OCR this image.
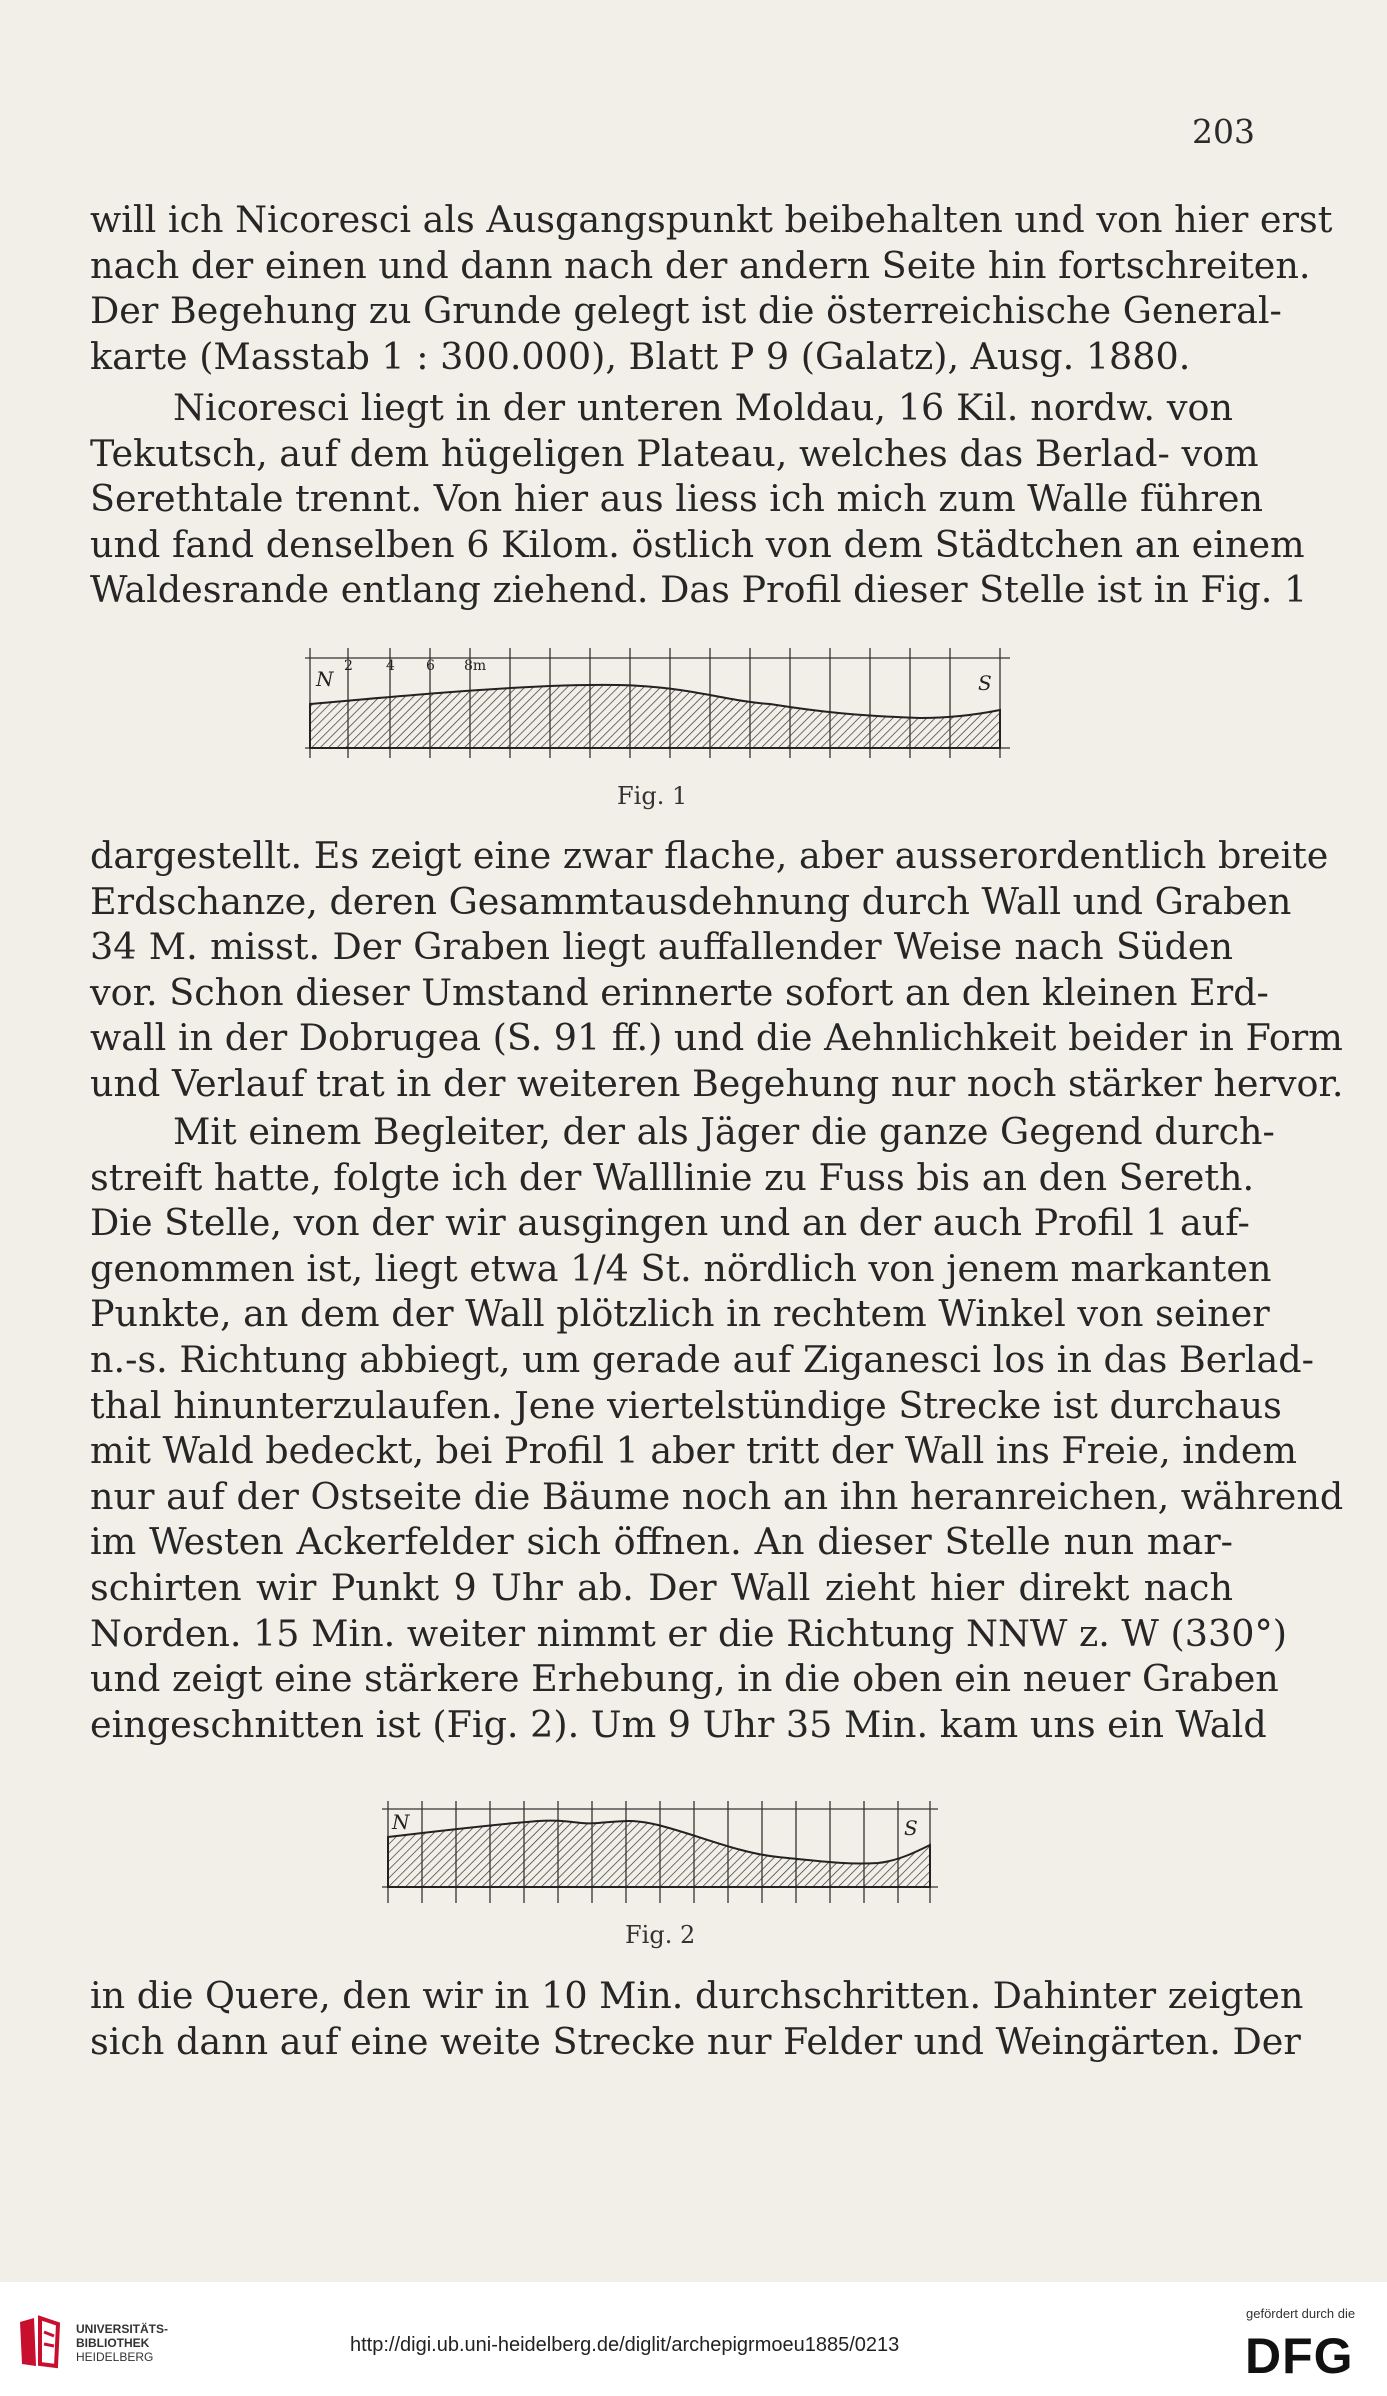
203
will ich Nicoresci als Ausgangspunkt beibehalten und von hier erst
nach der einen und dann nach der andern Seite hin fortschreiten.
Der Begehung zu Grunde gelegt ist die österreichische General-
karte (Masstab 1 : 300.000), Blatt P 9 (Galatz), Ausg. 1880.
Nicoresci liegt in der unteren Moldau, 16 Kil. nordw. von
Tekutsch, auf dem hügeligen Plateau, welches das Berlad- vom
Serethtale trennt. Von hier aus liess ich mich zum Walle führen
und fand denselben 6 Kilom. östlich von dem Städtchen an einem
Waldesrande entlang ziehend. Das Profil dieser Stelle ist in Fig. 1
N
2 4 6 8m
S
Fig. 1
dargestellt. Es zeigt eine zwar flache, aber ausserordentlich breite
Erdschanze, deren Gesammtausdehnung durch Wall und Graben
34 M. misst. Der Graben liegt auffallender Weise nach Süden
vor. Schon dieser Umstand erinnerte sofort an den kleinen Erd-
wall in der Dobrugea (S. 91 ff.) und die Aehnlichkeit beider in Form
und Verlauf trat in der weiteren Begehung nur noch stärker hervor.
Mit einem Begleiter, der als Jäger die ganze Gegend durch-
streift hatte, folgte ich der Walllinie zu Fuss bis an den Sereth.
Die Stelle, von der wir ausgingen und an der auch Profil 1 auf-
genommen ist, liegt etwa 1/4 St. nördlich von jenem markanten
Punkte, an dem der Wall plötzlich in rechtem Winkel von seiner
n.-s. Richtung abbiegt, um gerade auf Ziganesci los in das Berlad-
thal hinunterzulaufen. Jene viertelstündige Strecke ist durchaus
mit Wald bedeckt, bei Profil 1 aber tritt der Wall ins Freie, indem
nur auf der Ostseite die Bäume noch an ihn heranreichen, während
im Westen Ackerfelder sich öffnen. An dieser Stelle nun mar-
schirten wir Punkt 9 Uhr ab. Der Wall zieht hier direkt nach
Norden. 15 Min. weiter nimmt er die Richtung NNW z. W (330°)
und zeigt eine stärkere Erhebung, in die oben ein neuer Graben
eingeschnitten ist (Fig. 2). Um 9 Uhr 35 Min. kam uns ein Wald
N	S
Fig. 2
in die Quere, den wir in 10 Min. durchschritten. Dahinter zeigten
sich dann auf eine weite Strecke nur Felder und Weingärten. Der
UNIVERSITÄTS-
BIBLIOTHEK
HEIDELBERG
http://digi.ub.uni-heidelberg.de/diglit/archepigrmoeu1885/0213
gefördert durch die
DFG
